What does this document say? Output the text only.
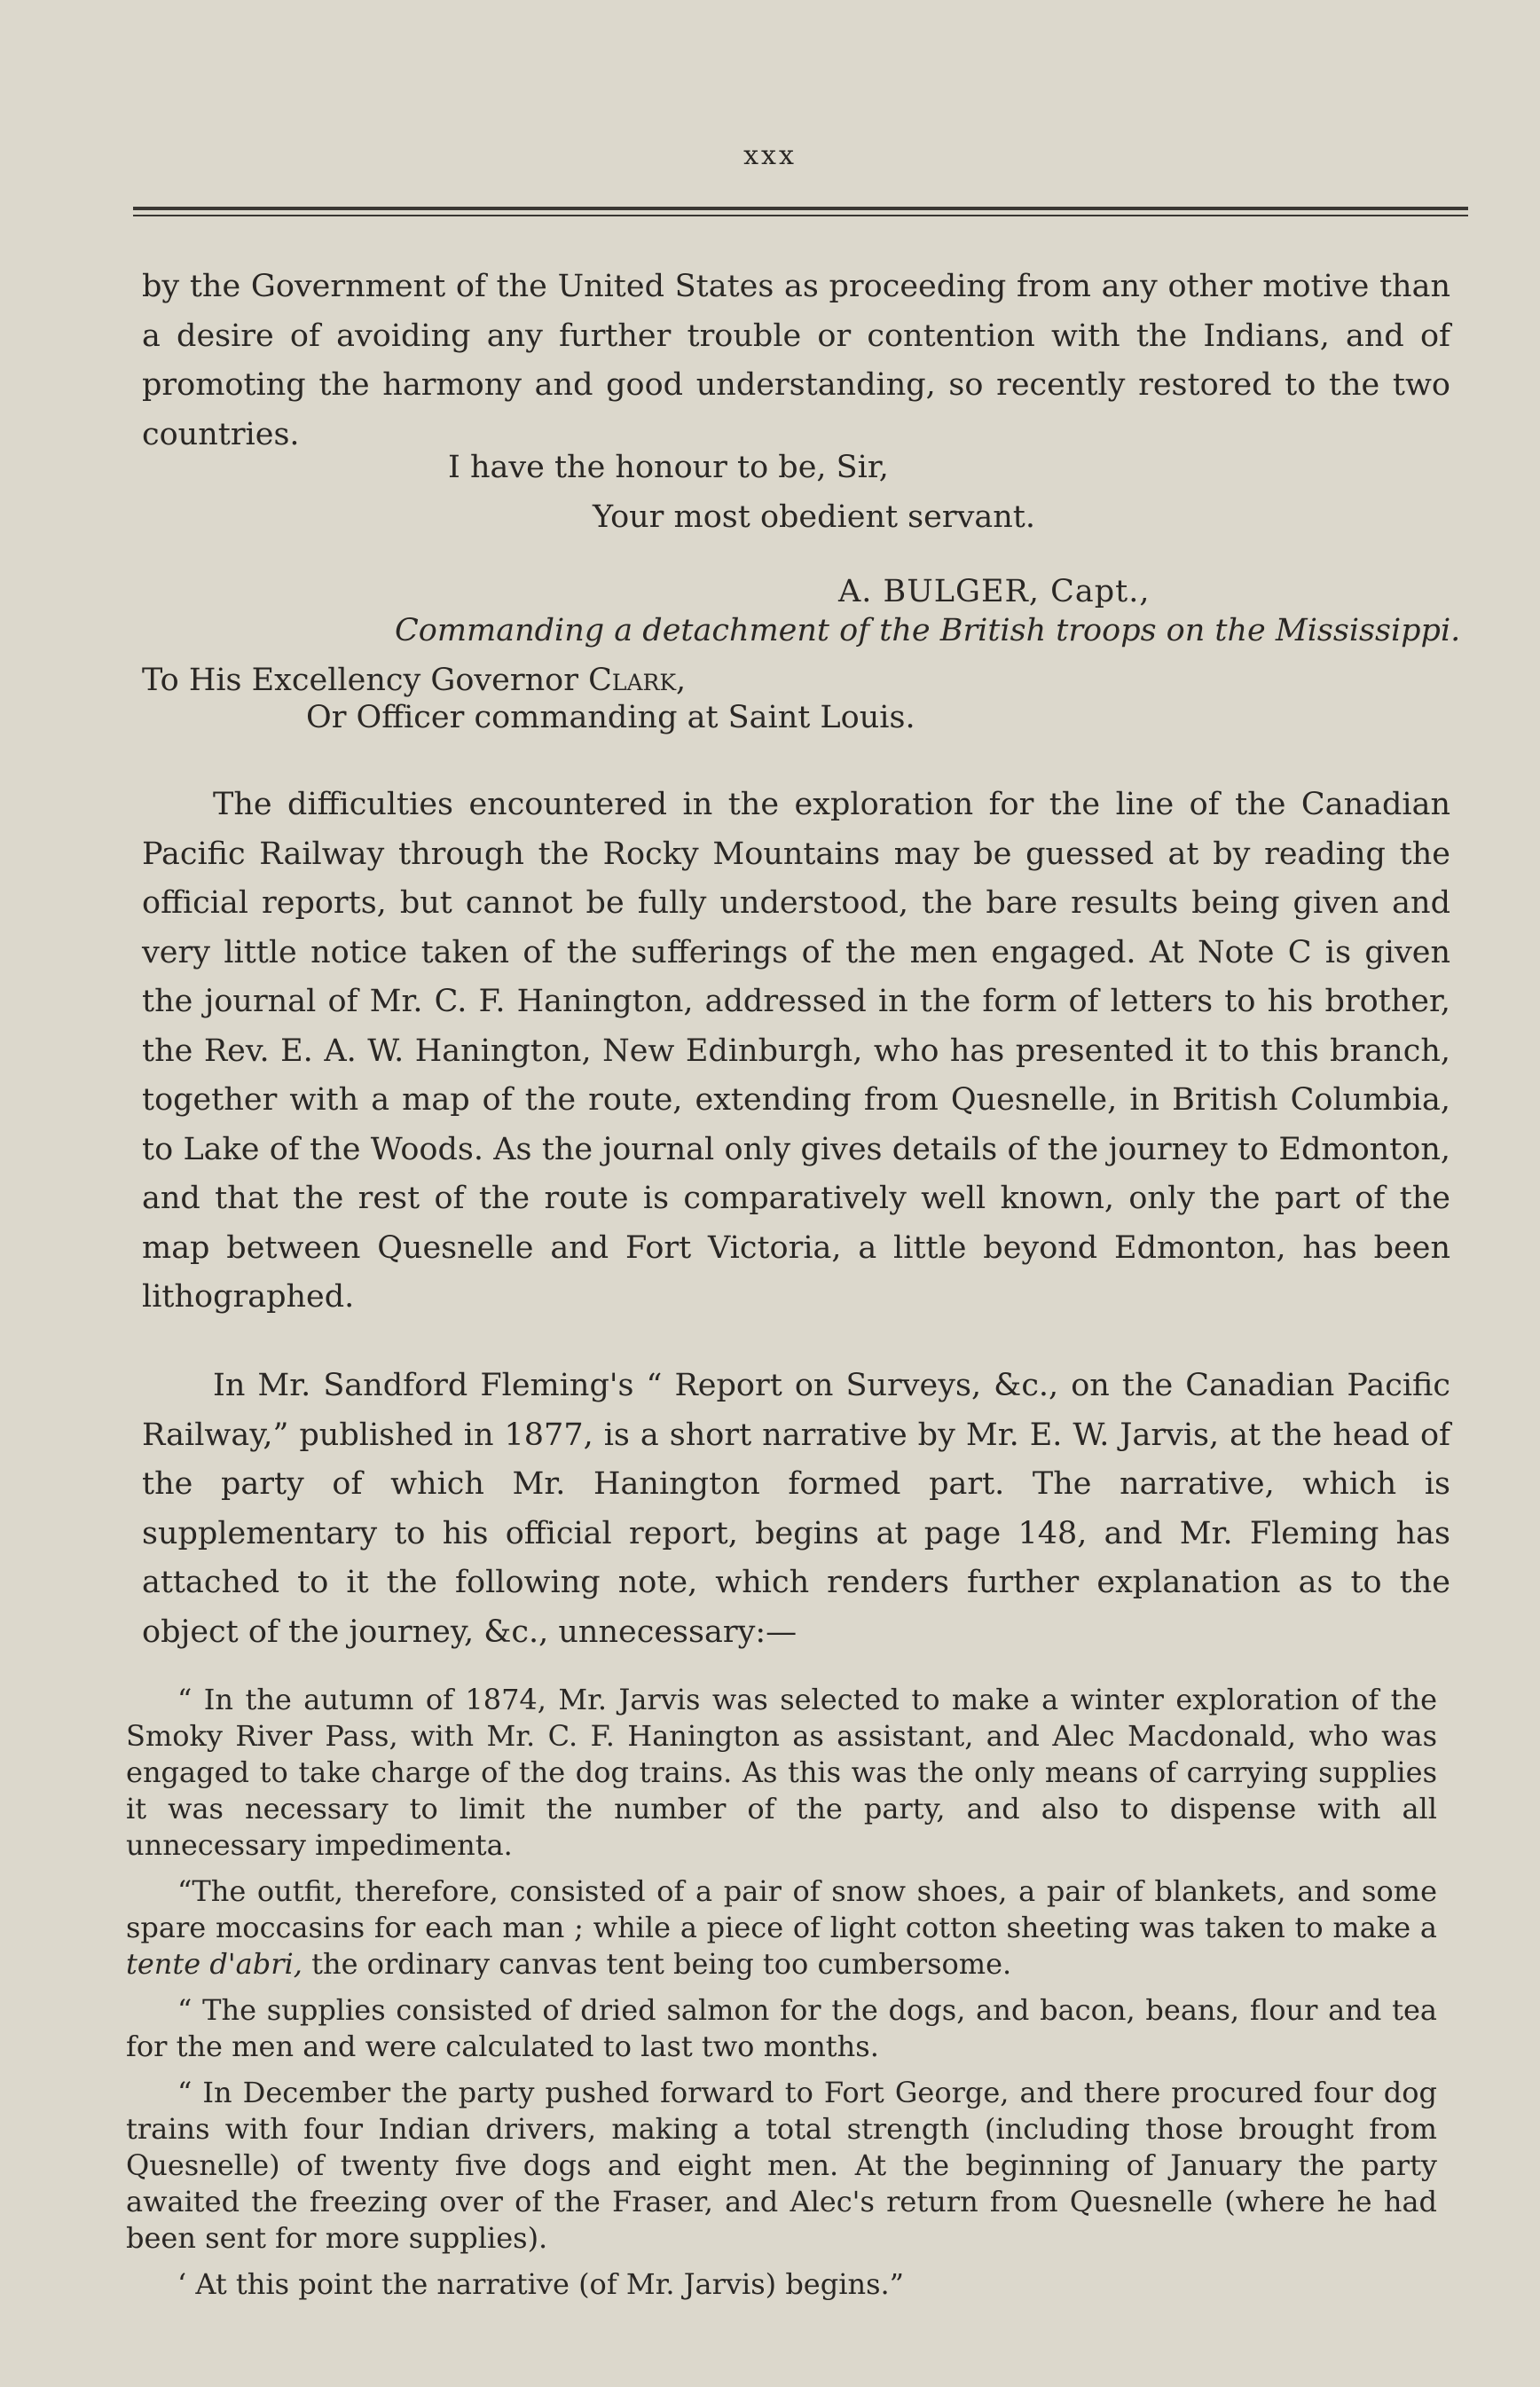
xxx

by the Government of the United States as proceeding from any other motive than a desire of avoiding any further trouble or contention with the Indians, and of promoting the harmony and good understanding, so recently restored to the two countries.

I have the honour to be, Sir,
Your most obedient servant.
A. BULGER, Capt.,
Commanding a detachment of the British troops on the Mississippi.
To His Excellency Governor Clark,
Or Officer commanding at Saint Louis.

The difficulties encountered in the exploration for the line of the Canadian Pacific Railway through the Rocky Mountains may be guessed at by reading the official reports, but cannot be fully understood, the bare results being given and very little notice taken of the sufferings of the men engaged. At Note C is given the journal of Mr. C. F. Hanington, addressed in the form of letters to his brother, the Rev. E. A. W. Hanington, New Edinburgh, who has presented it to this branch, together with a map of the route, extending from Quesnelle, in British Columbia, to Lake of the Woods. As the journal only gives details of the journey to Edmonton, and that the rest of the route is comparatively well known, only the part of the map between Quesnelle and Fort Victoria, a little beyond Edmonton, has been lithographed.

In Mr. Sandford Fleming's “ Report on Surveys, &c., on the Canadian Pacific Railway,” published in 1877, is a short narrative by Mr. E. W. Jarvis, at the head of the party of which Mr. Hanington formed part. The narrative, which is supplementary to his official report, begins at page 148, and Mr. Fleming has attached to it the following note, which renders further explanation as to the object of the journey, &c., unnecessary:—

“ In the autumn of 1874, Mr. Jarvis was selected to make a winter exploration of the Smoky River Pass, with Mr. C. F. Hanington as assistant, and Alec Macdonald, who was engaged to take charge of the dog trains. As this was the only means of carrying supplies it was necessary to limit the number of the party, and also to dispense with all unnecessary impedimenta.

“The outfit, therefore, consisted of a pair of snow shoes, a pair of blankets, and some spare moccasins for each man ; while a piece of light cotton sheeting was taken to make a tente d'abri, the ordinary canvas tent being too cumbersome.

“ The supplies consisted of dried salmon for the dogs, and bacon, beans, flour and tea for the men and were calculated to last two months.

“ In December the party pushed forward to Fort George, and there procured four dog trains with four Indian drivers, making a total strength (including those brought from Quesnelle) of twenty five dogs and eight men. At the beginning of January the party awaited the freezing over of the Fraser, and Alec's return from Quesnelle (where he had been sent for more supplies).

‘ At this point the narrative (of Mr. Jarvis) begins.”
